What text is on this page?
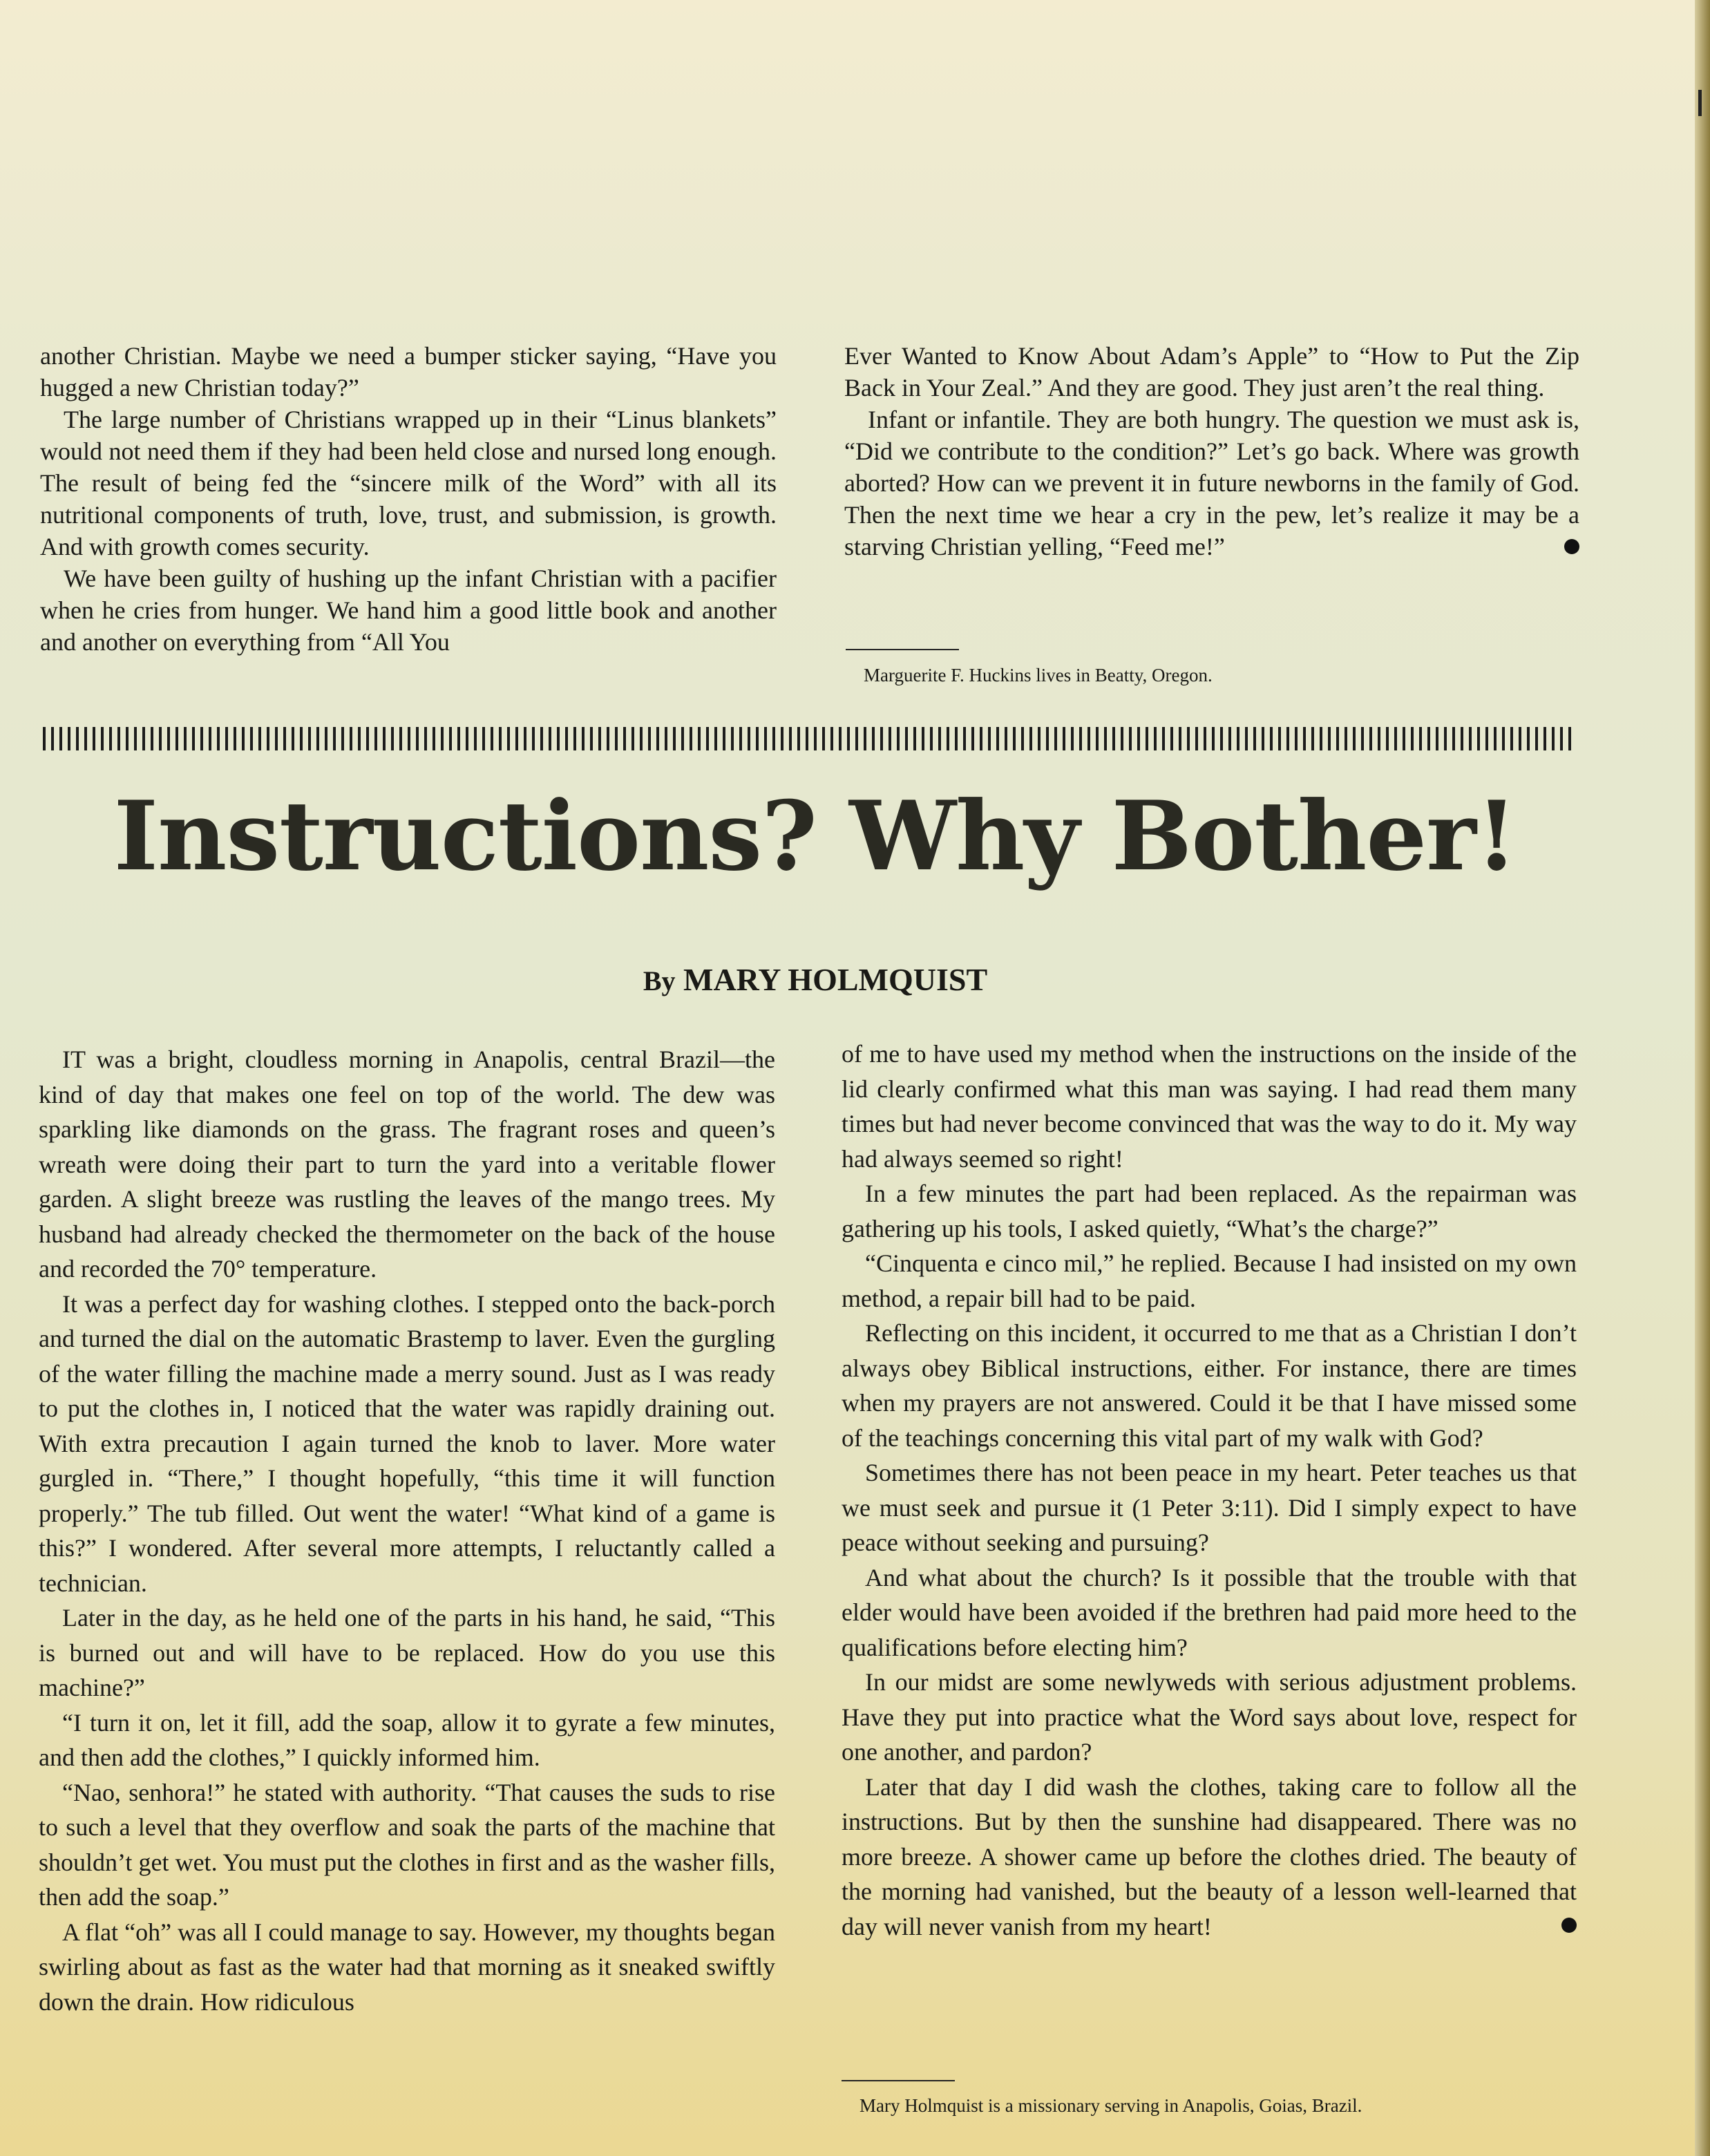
another Christian. Maybe we need a bumper sticker saying, “Have you hugged a new Christian today?”

The large number of Christians wrapped up in their “Linus blankets” would not need them if they had been held close and nursed long enough. The result of being fed the “sincere milk of the Word” with all its nutritional components of truth, love, trust, and submission, is growth. And with growth comes security.

We have been guilty of hushing up the infant Christian with a pacifier when he cries from hunger. We hand him a good little book and another and another on everything from “All You

Ever Wanted to Know About Adam’s Apple” to “How to Put the Zip Back in Your Zeal.” And they are good. They just aren’t the real thing.

Infant or infantile. They are both hungry. The question we must ask is, “Did we contribute to the condition?” Let’s go back. Where was growth aborted? How can we prevent it in future newborns in the family of God. Then the next time we hear a cry in the pew, let’s realize it may be a starving Christian yelling, “Feed me!”

Marguerite F. Huckins lives in Beatty, Oregon.
Instructions? Why Bother!
By MARY HOLMQUIST

IT was a bright, cloudless morning in Anapolis, central Brazil—the kind of day that makes one feel on top of the world. The dew was sparkling like diamonds on the grass. The fragrant roses and queen’s wreath were doing their part to turn the yard into a veritable flower garden. A slight breeze was rustling the leaves of the mango trees. My husband had already checked the thermometer on the back of the house and recorded the 70° temperature.

It was a perfect day for washing clothes. I stepped onto the back-porch and turned the dial on the automatic Brastemp to laver. Even the gurgling of the water filling the machine made a merry sound. Just as I was ready to put the clothes in, I noticed that the water was rapidly draining out. With extra precaution I again turned the knob to laver. More water gurgled in. “There,” I thought hopefully, “this time it will function properly.” The tub filled. Out went the water! “What kind of a game is this?” I wondered. After several more attempts, I reluctantly called a technician.

Later in the day, as he held one of the parts in his hand, he said, “This is burned out and will have to be replaced. How do you use this machine?”

“I turn it on, let it fill, add the soap, allow it to gyrate a few minutes, and then add the clothes,” I quickly informed him.

“Nao, senhora!” he stated with authority. “That causes the suds to rise to such a level that they overflow and soak the parts of the machine that shouldn’t get wet. You must put the clothes in first and as the washer fills, then add the soap.”

A flat “oh” was all I could manage to say. However, my thoughts began swirling about as fast as the water had that morning as it sneaked swiftly down the drain. How ridiculous

of me to have used my method when the instructions on the inside of the lid clearly confirmed what this man was saying. I had read them many times but had never become convinced that was the way to do it. My way had always seemed so right!

In a few minutes the part had been replaced. As the repairman was gathering up his tools, I asked quietly, “What’s the charge?”

“Cinquenta e cinco mil,” he replied. Because I had insisted on my own method, a repair bill had to be paid.

Reflecting on this incident, it occurred to me that as a Christian I don’t always obey Biblical instructions, either. For instance, there are times when my prayers are not answered. Could it be that I have missed some of the teachings concerning this vital part of my walk with God?

Sometimes there has not been peace in my heart. Peter teaches us that we must seek and pursue it (1 Peter 3:11). Did I simply expect to have peace without seeking and pursuing?

And what about the church? Is it possible that the trouble with that elder would have been avoided if the brethren had paid more heed to the qualifications before electing him?

In our midst are some newlyweds with serious adjustment problems. Have they put into practice what the Word says about love, respect for one another, and pardon?

Later that day I did wash the clothes, taking care to follow all the instructions. But by then the sunshine had disappeared. There was no more breeze. A shower came up before the clothes dried. The beauty of the morning had vanished, but the beauty of a lesson well-learned that day will never vanish from my heart!

Mary Holmquist is a missionary serving in Anapolis, Goias, Brazil.
